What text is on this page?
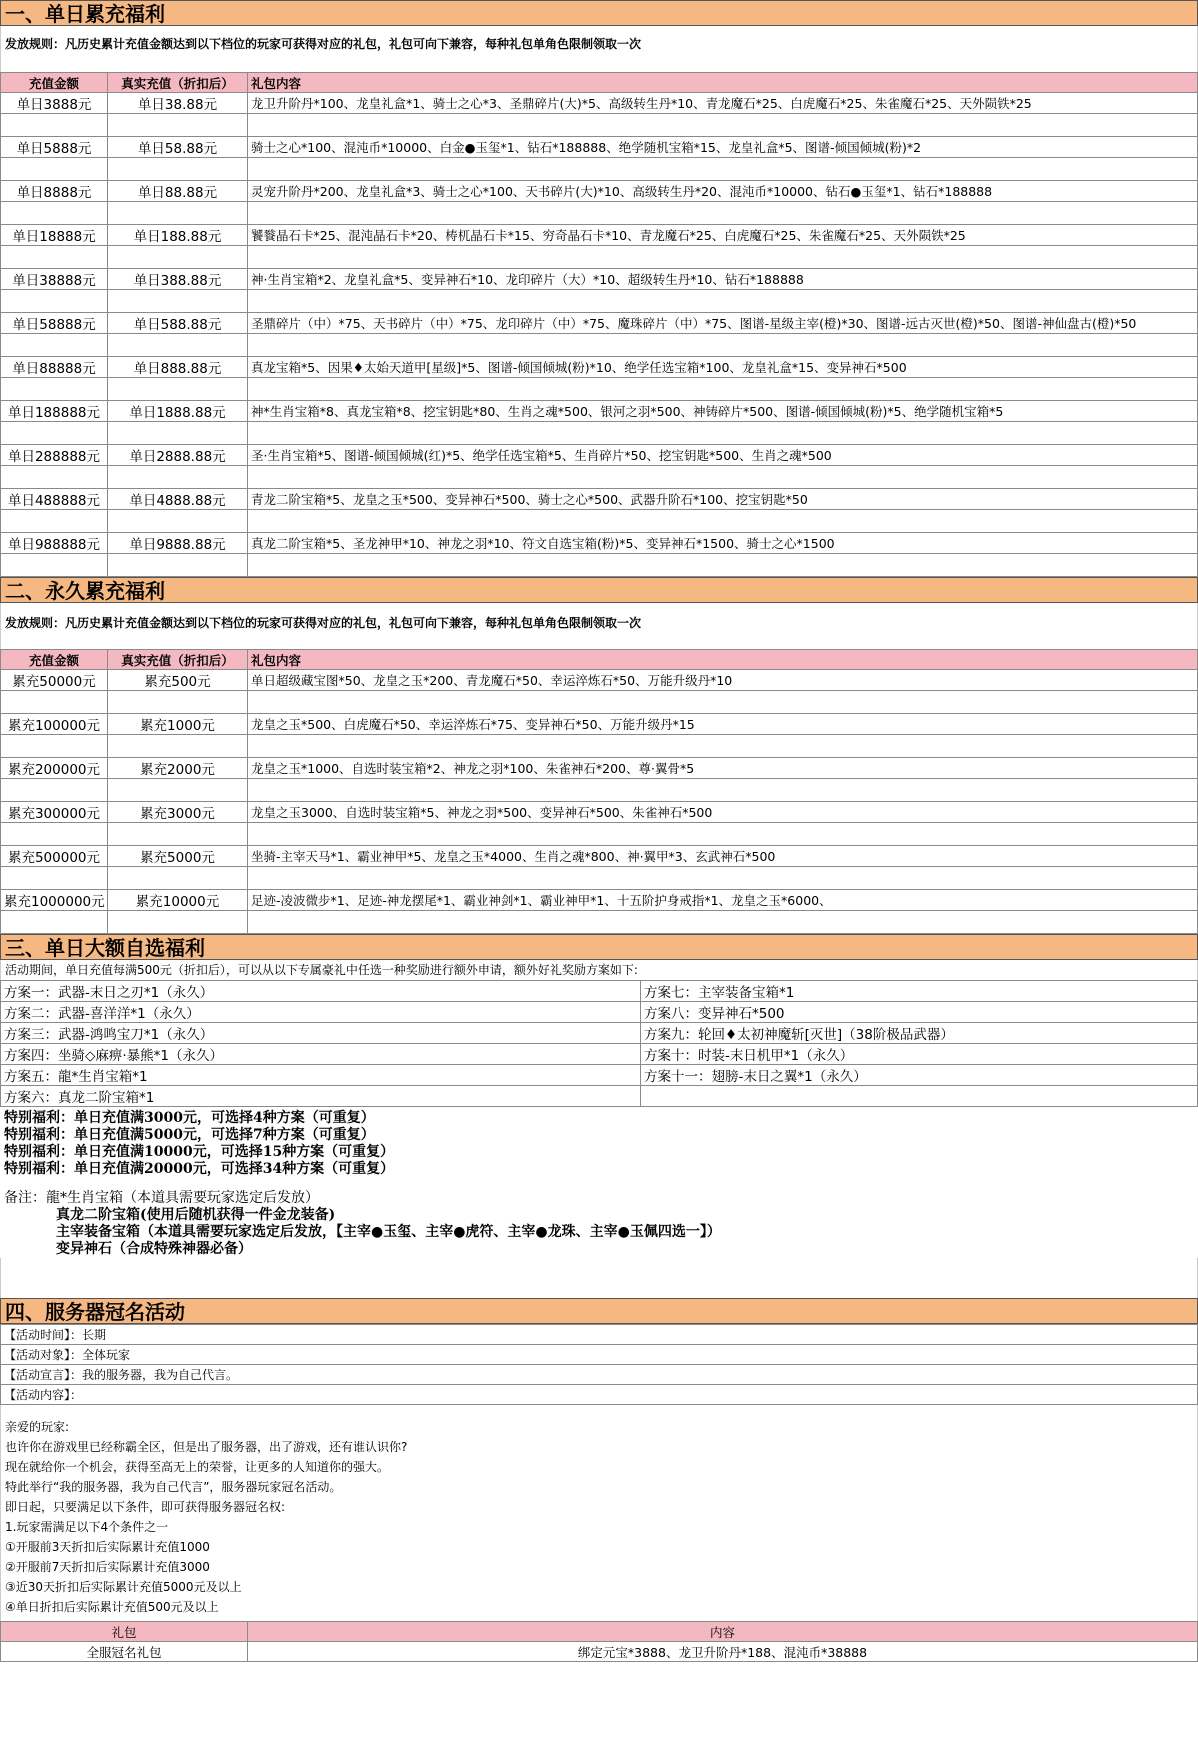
一、单日累充福利
发放规则：凡历史累计充值金额达到以下档位的玩家可获得对应的礼包，礼包可向下兼容，每种礼包单角色限制领取一次
充值金额	真实充值（折扣后）	礼包内容
单日3888元	单日38.88元	龙卫升阶丹*100、龙皇礼盒*1、骑士之心*3、圣鼎碎片(大)*5、高级转生丹*10、青龙魔石*25、白虎魔石*25、朱雀魔石*25、天外陨铁*25

单日5888元	单日58.88元	骑士之心*100、混沌币*10000、白金●玉玺*1、钻石*188888、绝学随机宝箱*15、龙皇礼盒*5、图谱-倾国倾城(粉)*2

单日8888元	单日88.88元	灵宠升阶丹*200、龙皇礼盒*3、骑士之心*100、天书碎片(大)*10、高级转生丹*20、混沌币*10000、钻石●玉玺*1、钻石*188888

单日18888元	单日188.88元	饕餮晶石卡*25、混沌晶石卡*20、梼杌晶石卡*15、穷奇晶石卡*10、青龙魔石*25、白虎魔石*25、朱雀魔石*25、天外陨铁*25

单日38888元	单日388.88元	神·生肖宝箱*2、龙皇礼盒*5、变异神石*10、龙印碎片（大）*10、超级转生丹*10、钻石*188888

单日58888元	单日588.88元	圣鼎碎片（中）*75、天书碎片（中）*75、龙印碎片（中）*75、魔珠碎片（中）*75、图谱-星级主宰(橙)*30、图谱-远古灭世(橙)*50、图谱-神仙盘古(橙)*50

单日88888元	单日888.88元	真龙宝箱*5、因果♦太始天道甲[星级]*5、图谱-倾国倾城(粉)*10、绝学任选宝箱*100、龙皇礼盒*15、变异神石*500

单日188888元	单日1888.88元	神*生肖宝箱*8、真龙宝箱*8、挖宝钥匙*80、生肖之魂*500、银河之羽*500、神铸碎片*500、图谱-倾国倾城(粉)*5、绝学随机宝箱*5

单日288888元	单日2888.88元	圣·生肖宝箱*5、图谱-倾国倾城(红)*5、绝学任选宝箱*5、生肖碎片*50、挖宝钥匙*500、生肖之魂*500

单日488888元	单日4888.88元	青龙二阶宝箱*5、龙皇之玉*500、变异神石*500、骑士之心*500、武器升阶石*100、挖宝钥匙*50

单日988888元	单日9888.88元	真龙二阶宝箱*5、圣龙神甲*10、神龙之羽*10、符文自选宝箱(粉)*5、变异神石*1500、骑士之心*1500

二、永久累充福利
发放规则：凡历史累计充值金额达到以下档位的玩家可获得对应的礼包，礼包可向下兼容，每种礼包单角色限制领取一次
充值金额	真实充值（折扣后）	礼包内容
累充50000元	累充500元	单日超级藏宝图*50、龙皇之玉*200、青龙魔石*50、幸运淬炼石*50、万能升级丹*10

累充100000元	累充1000元	龙皇之玉*500、白虎魔石*50、幸运淬炼石*75、变异神石*50、万能升级丹*15

累充200000元	累充2000元	龙皇之玉*1000、自选时装宝箱*2、神龙之羽*100、朱雀神石*200、尊·翼骨*5

累充300000元	累充3000元	龙皇之玉3000、自选时装宝箱*5、神龙之羽*500、变异神石*500、朱雀神石*500

累充500000元	累充5000元	坐骑-主宰天马*1、霸业神甲*5、龙皇之玉*4000、生肖之魂*800、神·翼甲*3、玄武神石*500

累充1000000元	累充10000元	足迹-凌波微步*1、足迹-神龙摆尾*1、霸业神剑*1、霸业神甲*1、十五阶护身戒指*1、龙皇之玉*6000、

三、单日大额自选福利
活动期间，单日充值每满500元（折扣后），可以从以下专属豪礼中任选一种奖励进行额外申请，额外好礼奖励方案如下:
方案一：武器-末日之刃*1（永久）	方案七：主宰装备宝箱*1
方案二：武器-喜洋洋*1（永久）	方案八：变异神石*500
方案三：武器-鸿鸣宝刀*1（永久）	方案九：轮回♦太初神魔斩[灭世]（38阶极品武器）
方案四：坐骑◇麻痹·暴熊*1（永久）	方案十：时装-末日机甲*1（永久）
方案五：龍*生肖宝箱*1	方案十一：翅膀-末日之翼*1（永久）
方案六：真龙二阶宝箱*1	
特别福利：单日充值满3000元，可选择4种方案（可重复）
特别福利：单日充值满5000元，可选择7种方案（可重复）
特别福利：单日充值满10000元，可选择15种方案（可重复）
特别福利：单日充值满20000元，可选择34种方案（可重复）
备注：龍*生肖宝箱（本道具需要玩家选定后发放）
真龙二阶宝箱(使用后随机获得一件金龙装备)
主宰装备宝箱（本道具需要玩家选定后发放，【主宰●玉玺、主宰●虎符、主宰●龙珠、主宰●玉佩四选一】）
变异神石（合成特殊神器必备）
四、服务器冠名活动
【活动时间】：长期
【活动对象】：全体玩家
【活动宣言】：我的服务器，我为自己代言。
【活动内容】：
亲爱的玩家:
也许你在游戏里已经称霸全区，但是出了服务器，出了游戏，还有谁认识你?
现在就给你一个机会，获得至高无上的荣誉，让更多的人知道你的强大。
特此举行“我的服务器，我为自己代言”，服务器玩家冠名活动。
即日起，只要满足以下条件，即可获得服务器冠名权:
1.玩家需满足以下4个条件之一
①开服前3天折扣后实际累计充值1000
②开服前7天折扣后实际累计充值3000
③近30天折扣后实际累计充值5000元及以上
④单日折扣后实际累计充值500元及以上
礼包	内容
全服冠名礼包	绑定元宝*3888、龙卫升阶丹*188、混沌币*38888
